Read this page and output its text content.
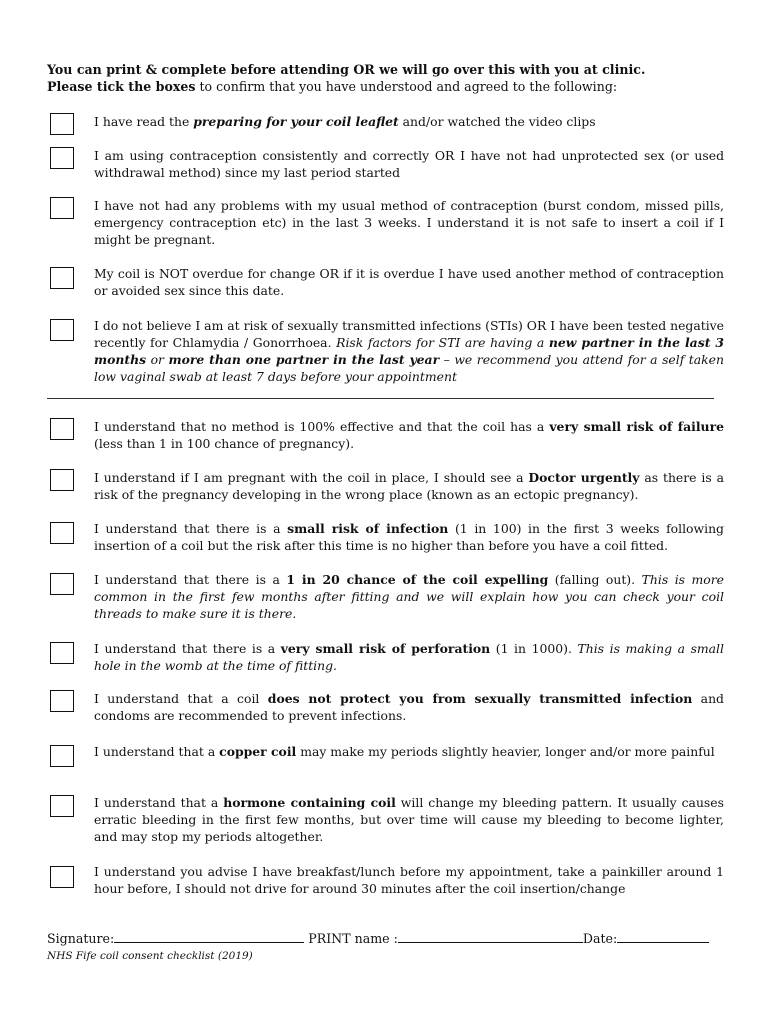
You can print & complete before attending OR we will go over this with you at clinic.
Please tick the boxes to confirm that you have understood and agreed to the following:
I have read the preparing for your coil leaflet and/or watched the video clips
I am using contraception consistently and correctly OR I have not had unprotected sex (or used withdrawal method) since my last period started
I have not had any problems with my usual method of contraception (burst condom, missed pills, emergency contraception etc) in the last 3 weeks. I understand it is not safe to insert a coil if I might be pregnant.
My coil is NOT overdue for change OR if it is overdue I have used another method of contraception or avoided sex since this date.
I do not believe I am at risk of sexually transmitted infections (STIs) OR I have been tested negative recently for Chlamydia / Gonorrhoea. Risk factors for STI are having a new partner in the last 3 months or more than one partner in the last year – we recommend you attend for a self taken low vaginal swab at least 7 days before your appointment
I understand that no method is 100% effective and that the coil has a very small risk of failure (less than 1 in 100 chance of pregnancy).
I understand if I am pregnant with the coil in place, I should see a Doctor urgently as there is a risk of the pregnancy developing in the wrong place (known as an ectopic pregnancy).
I understand that there is a small risk of infection (1 in 100) in the first 3 weeks following insertion of a coil but the risk after this time is no higher than before you have a coil fitted.
I understand that there is a 1 in 20 chance of the coil expelling (falling out). This is more common in the first few months after fitting and we will explain how you can check your coil threads to make sure it is there.
I understand that there is a very small risk of perforation (1 in 1000). This is making a small hole in the womb at the time of fitting.
I understand that a coil does not protect you from sexually transmitted infection and condoms are recommended to prevent infections.
I understand that a copper coil may make my periods slightly heavier, longer and/or more painful
I understand that a hormone containing coil will change my bleeding pattern. It usually causes erratic bleeding in the first few months, but over time will cause my bleeding to become lighter, and may stop my periods altogether.
I understand you advise I have breakfast/lunch before my appointment, take a painkiller around 1 hour before, I should not drive for around 30 minutes after the coil insertion/change
Signature:	PRINT name :	Date:
NHS Fife coil consent checklist (2019)
